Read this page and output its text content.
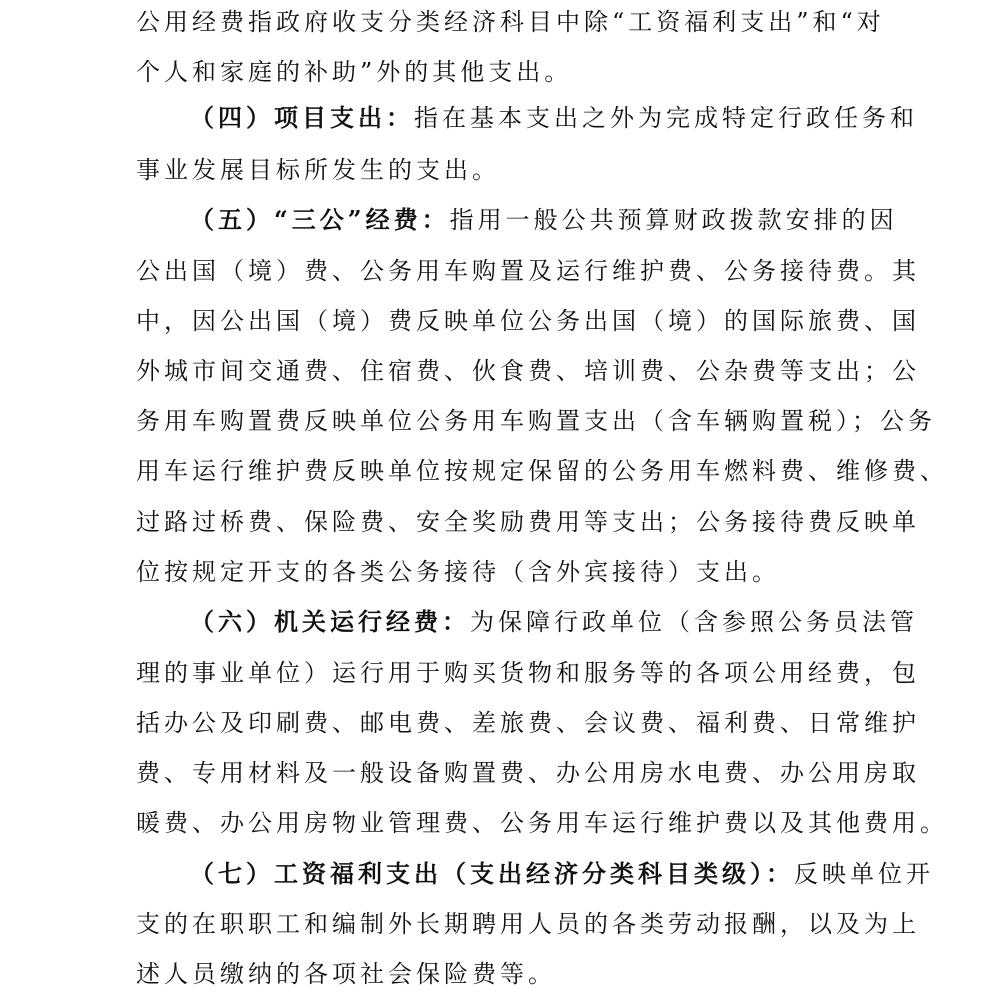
公用经费指政府收支分类经济科目中除“工资福利支出”和“对
个人和家庭的补助”外的其他支出。
（四）项目支出：指在基本支出之外为完成特定行政任务和
事业发展目标所发生的支出。
（五）“三公”经费：指用一般公共预算财政拨款安排的因
公出国（境）费、公务用车购置及运行维护费、公务接待费。其
中，因公出国（境）费反映单位公务出国（境）的国际旅费、国
外城市间交通费、住宿费、伙食费、培训费、公杂费等支出；公
务用车购置费反映单位公务用车购置支出（含车辆购置税）；公务
用车运行维护费反映单位按规定保留的公务用车燃料费、维修费、
过路过桥费、保险费、安全奖励费用等支出；公务接待费反映单
位按规定开支的各类公务接待（含外宾接待）支出。
（六）机关运行经费：为保障行政单位（含参照公务员法管
理的事业单位）运行用于购买货物和服务等的各项公用经费，包
括办公及印刷费、邮电费、差旅费、会议费、福利费、日常维护
费、专用材料及一般设备购置费、办公用房水电费、办公用房取
暖费、办公用房物业管理费、公务用车运行维护费以及其他费用。
（七）工资福利支出（支出经济分类科目类级）：反映单位开
支的在职职工和编制外长期聘用人员的各类劳动报酬，以及为上
述人员缴纳的各项社会保险费等。
